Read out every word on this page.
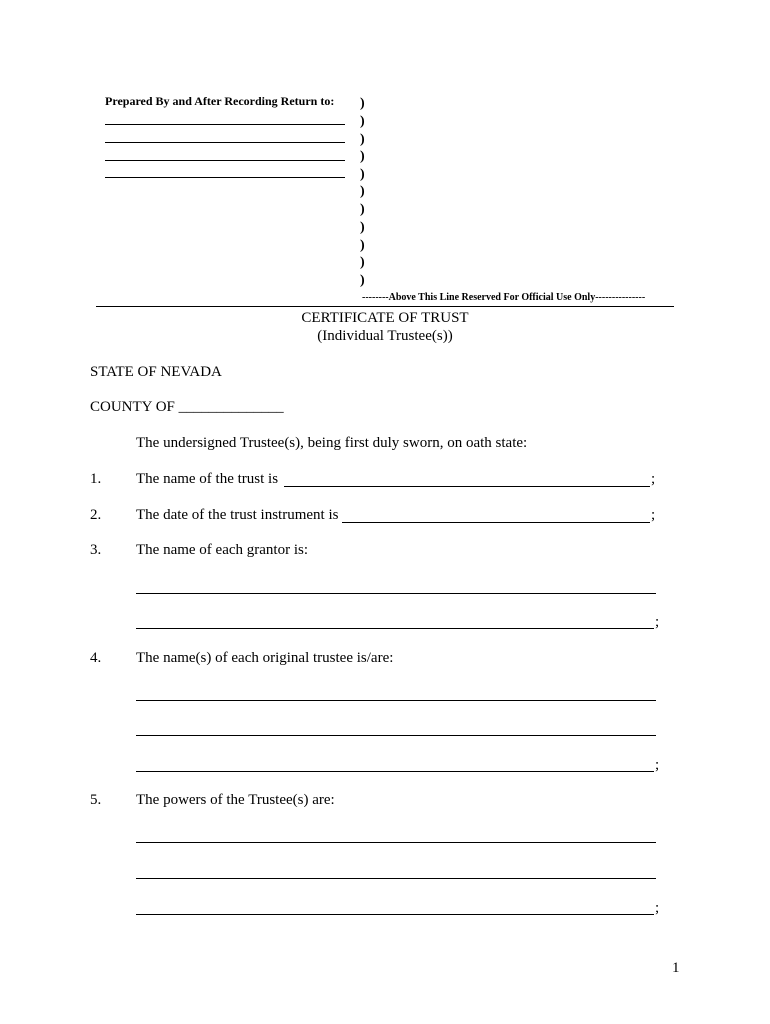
Prepared By and After Recording Return to: )
)
)
)
)
)
)
)
)
)
)
--------Above This Line Reserved For Official Use Only---------------
CERTIFICATE OF TRUST
(Individual Trustee(s))
STATE OF NEVADA
COUNTY OF ______________
The undersigned Trustee(s), being first duly sworn, on oath state:
1. The name of the trust is	;
2. The date of the trust instrument is	;
3. The name of each grantor is:
;
4. The name(s) of each original trustee is/are:
;
5. The powers of the Trustee(s) are:
;
1
